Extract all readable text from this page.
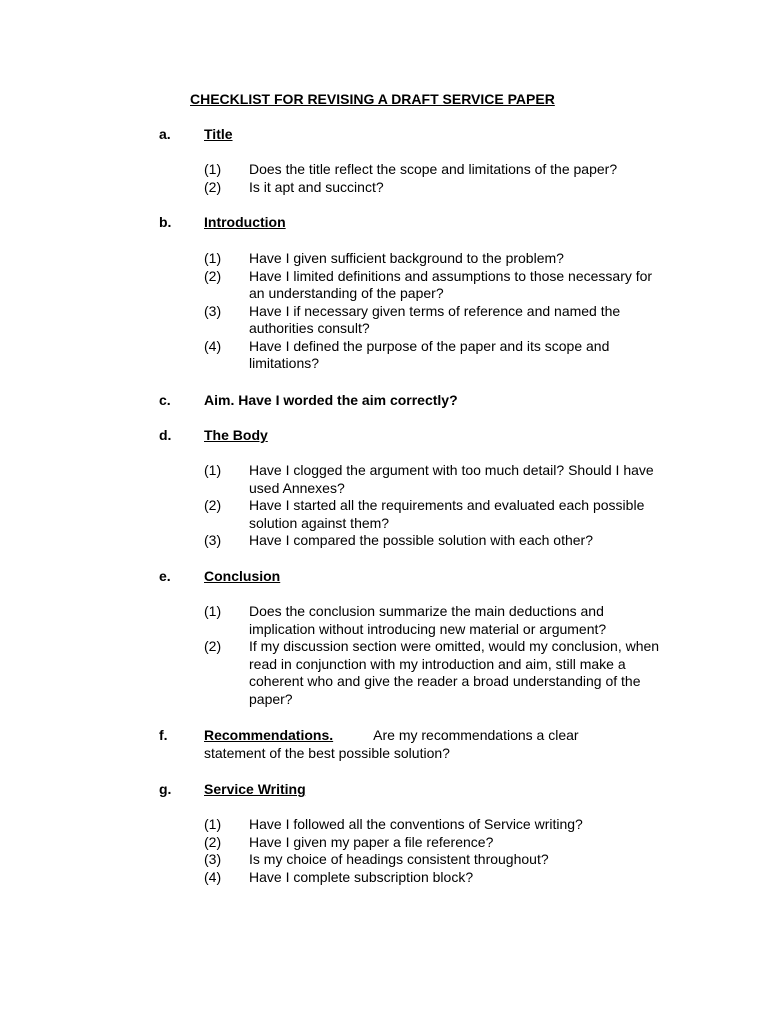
CHECKLIST FOR REVISING A DRAFT SERVICE PAPER
a. Title
(1) Does the title reflect the scope and limitations of the paper?
(2) Is it apt and succinct?
b. Introduction
(1) Have I given sufficient background to the problem?
(2) Have I limited definitions and assumptions to those necessary for an understanding of the paper?
(3) Have I if necessary given terms of reference and named the authorities consult?
(4) Have I defined the purpose of the paper and its scope and limitations?
c. Aim. Have I worded the aim correctly?
d. The Body
(1) Have I clogged the argument with too much detail? Should I have used Annexes?
(2) Have I started all the requirements and evaluated each possible solution against them?
(3) Have I compared the possible solution with each other?
e. Conclusion
(1) Does the conclusion summarize the main deductions and implication without introducing new material or argument?
(2) If my discussion section were omitted, would my conclusion, when read in conjunction with my introduction and aim, still make a coherent who and give the reader a broad understanding of the paper?
f.	Recommendations.	Are my recommendations a clear statement of the best possible solution?
g. Service Writing
(1) Have I followed all the conventions of Service writing?
(2) Have I given my paper a file reference?
(3) Is my choice of headings consistent throughout?
(4) Have I complete subscription block?
